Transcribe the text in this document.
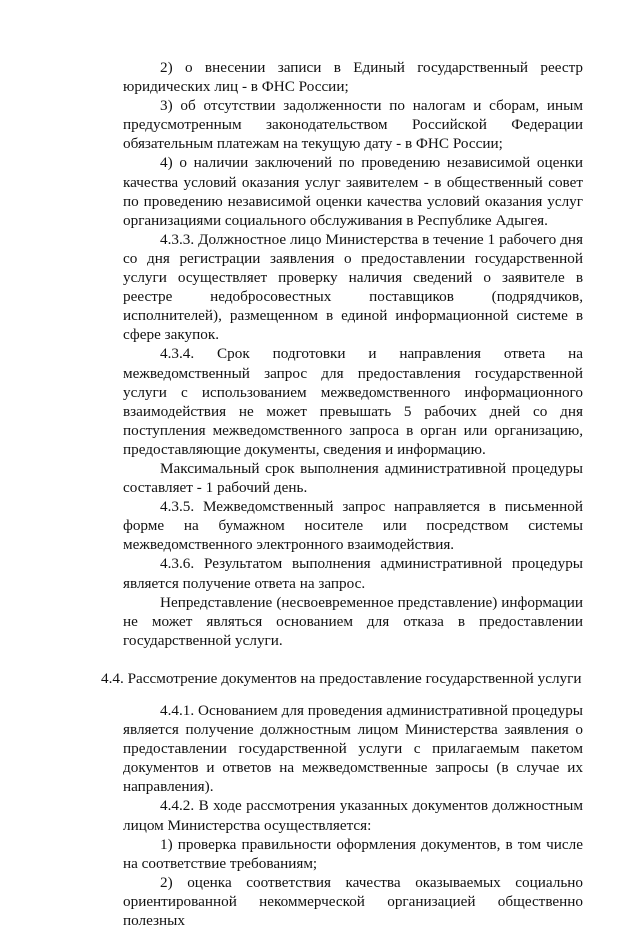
2) о внесении записи в Единый государственный реестр юридических лиц - в ФНС России;

3) об отсутствии задолженности по налогам и сборам, иным предусмотренным законодательством Российской Федерации обязательным платежам на текущую дату - в ФНС России;

4) о наличии заключений по проведению независимой оценки качества условий оказания услуг заявителем - в общественный совет по проведению независимой оценки качества условий оказания услуг организациями социального обслуживания в Республике Адыгея.

4.3.3. Должностное лицо Министерства в течение 1 рабочего дня со дня регистрации заявления о предоставлении государственной услуги осуществляет проверку наличия сведений о заявителе в реестре недобросовестных поставщиков (подрядчиков, исполнителей), размещенном в единой информационной системе в сфере закупок.

4.3.4. Срок подготовки и направления ответа на межведомственный запрос для предоставления государственной услуги с использованием межведомственного информационного взаимодействия не может превышать 5 рабочих дней со дня поступления межведомственного запроса в орган или организацию, предоставляющие документы, сведения и информацию.

Максимальный срок выполнения административной процедуры составляет - 1 рабочий день.

4.3.5. Межведомственный запрос направляется в письменной форме на бумажном носителе или посредством системы межведомственного электронного взаимодействия.

4.3.6. Результатом выполнения административной процедуры является получение ответа на запрос.

Непредставление (несвоевременное представление) информации не может являться основанием для отказа в предоставлении государственной услуги.

4.4. Рассмотрение документов на предоставление государственной услуги

4.4.1. Основанием для проведения административной процедуры является получение должностным лицом Министерства заявления о предоставлении государственной услуги с прилагаемым пакетом документов и ответов на межведомственные запросы (в случае их направления).

4.4.2. В ходе рассмотрения указанных документов должностным лицом Министерства осуществляется:

1) проверка правильности оформления документов, в том числе на соответствие требованиям;

2) оценка соответствия качества оказываемых социально ориентированной некоммерческой организацией общественно полезных
